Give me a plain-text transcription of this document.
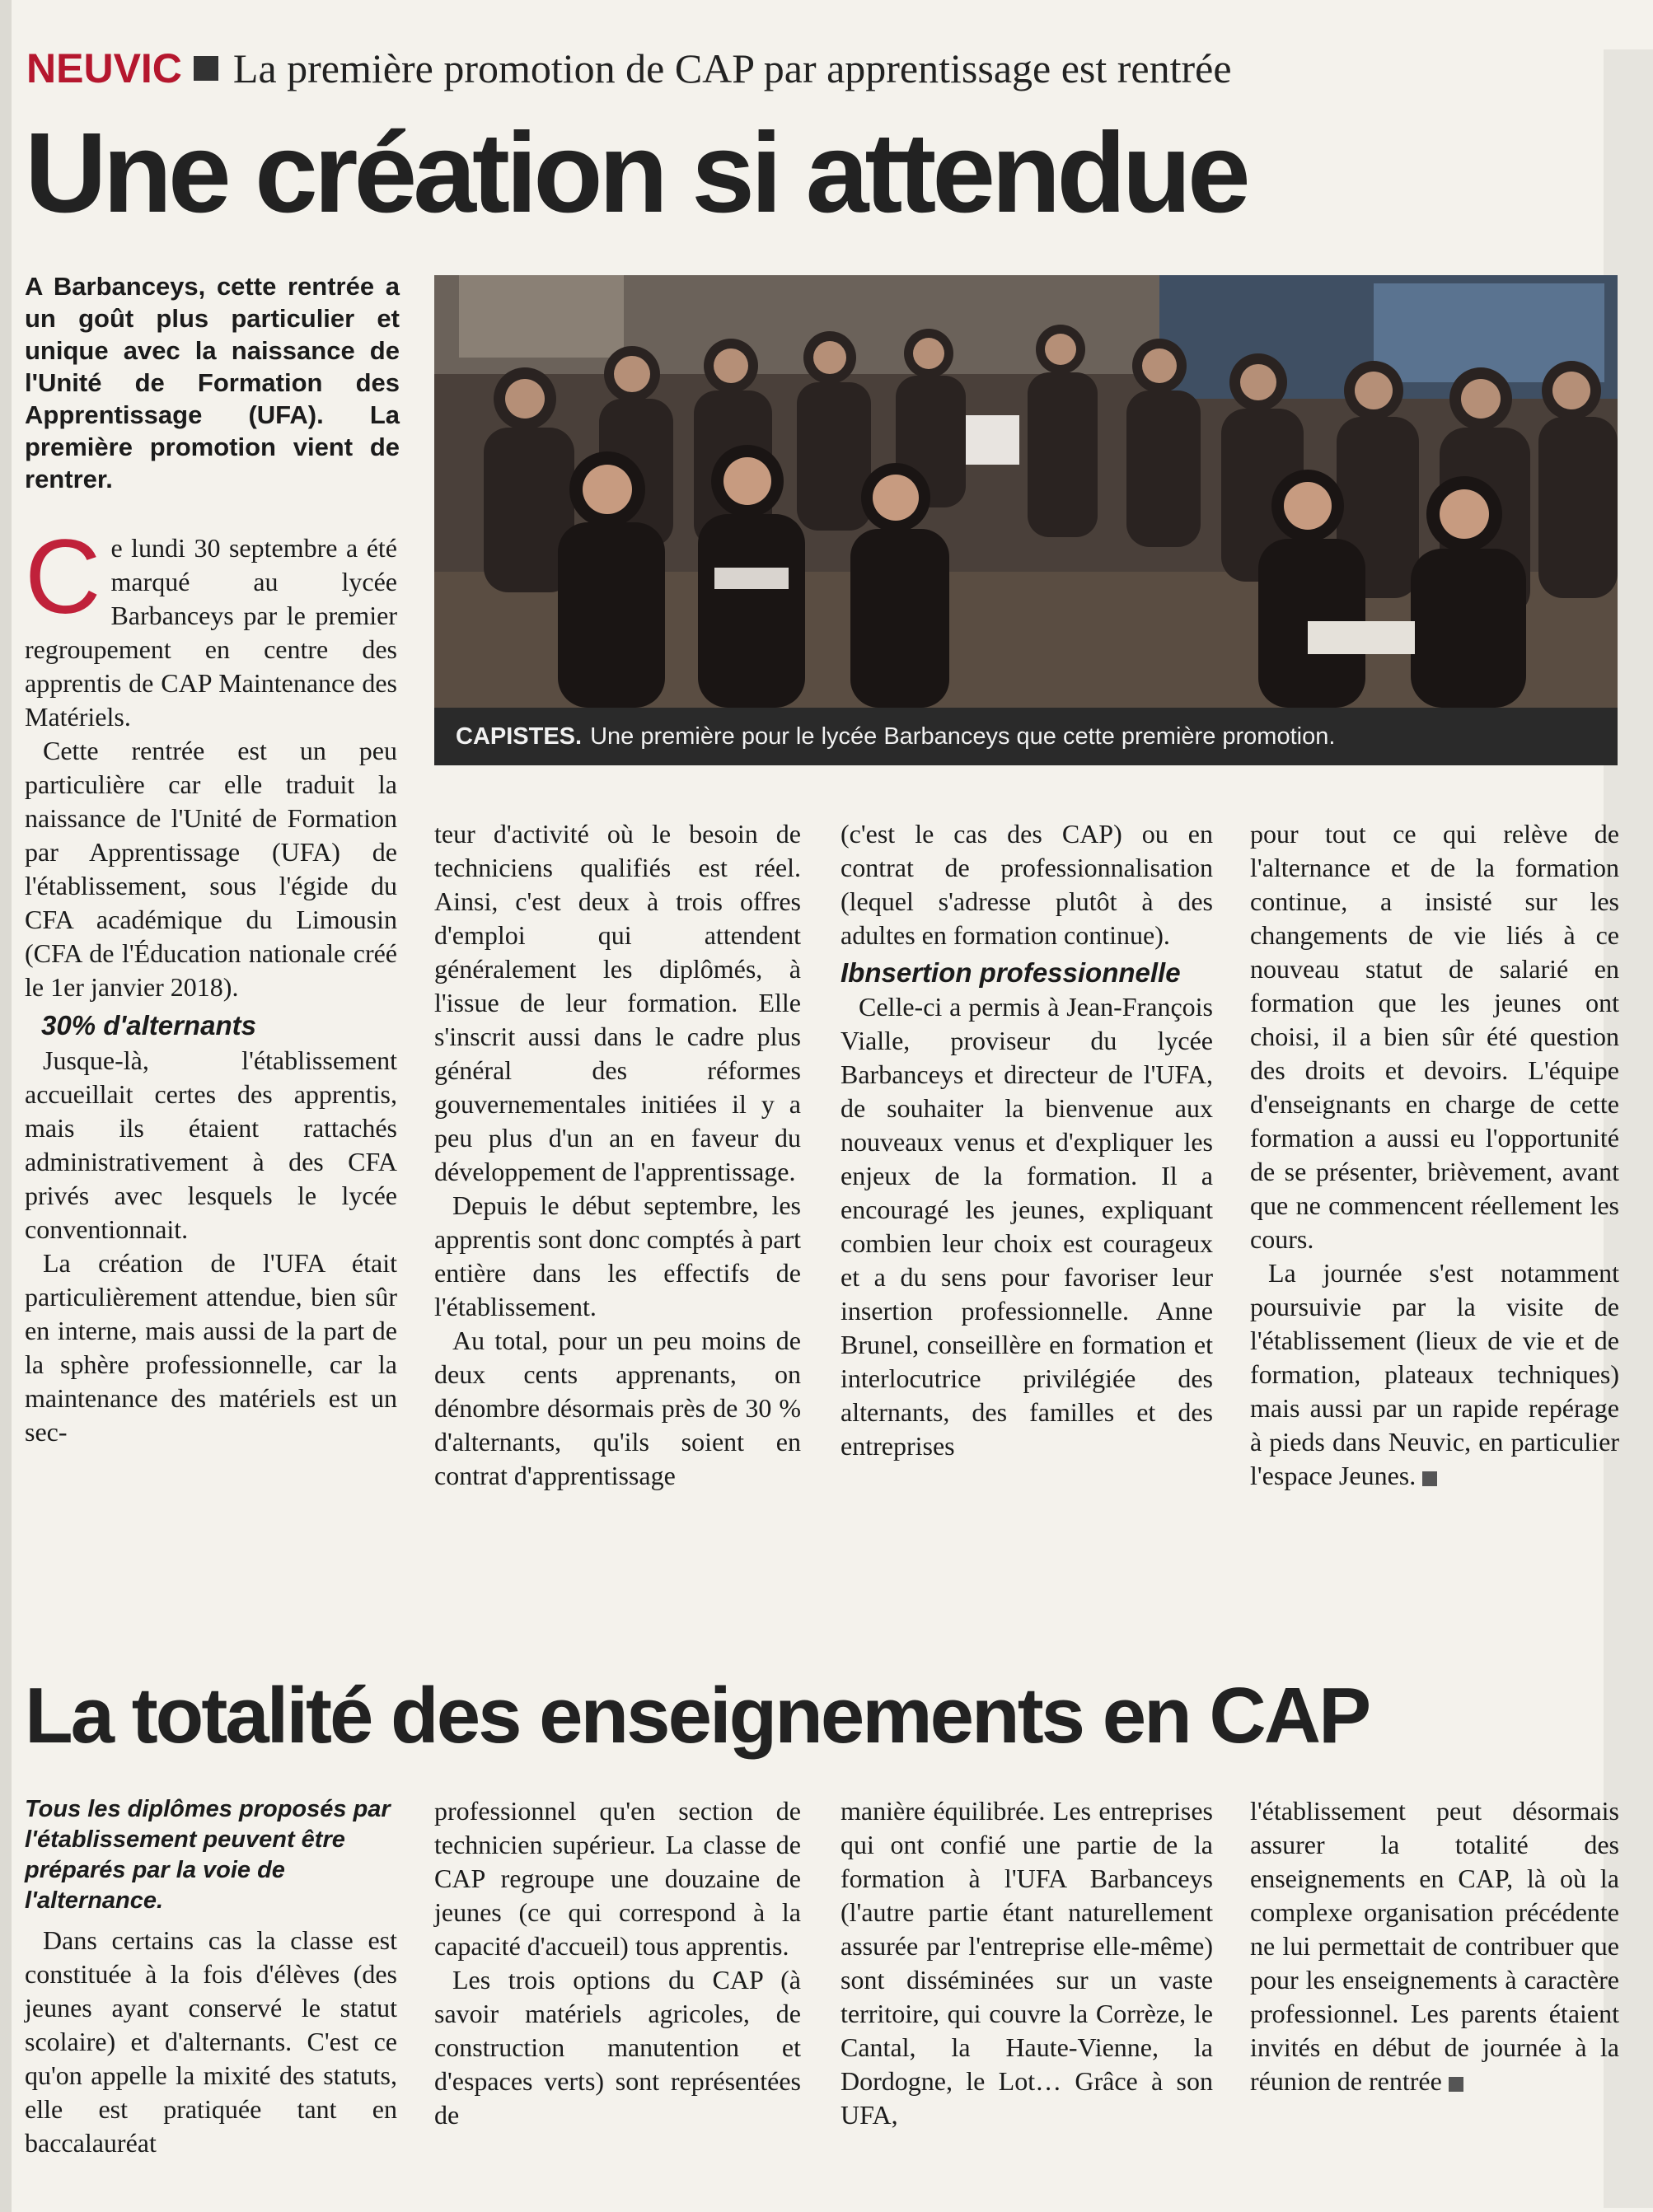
NEUVIC La première promotion de CAP par apprentissage est rentrée
Une création si attendue
A Barbanceys, cette rentrée a un goût plus particulier et unique avec la naissance de l'Unité de Formation des Apprentissage (UFA). La première promotion vient de rentrer.
CAPISTES. Une première pour le lycée Barbanceys que cette première promotion.

Ce lundi 30 septembre a été marqué au lycée Barbanceys par le premier regroupement en centre des apprentis de CAP Maintenance des Matériels.

Cette rentrée est un peu particulière car elle traduit la naissance de l'Unité de Formation par Apprentissage (UFA) de l'établissement, sous l'égide du CFA académique du Limousin (CFA de l'Éducation nationale créé le 1er janvier 2018).

30% d'alternants

Jusque-là, l'établissement accueillait certes des apprentis, mais ils étaient rattachés administrativement à des CFA privés avec lesquels le lycée conventionnait.

La création de l'UFA était particulièrement attendue, bien sûr en interne, mais aussi de la part de la sphère professionnelle, car la maintenance des matériels est un sec-

teur d'activité où le besoin de techniciens qualifiés est réel. Ainsi, c'est deux à trois offres d'emploi qui attendent généralement les diplômés, à l'issue de leur formation. Elle s'inscrit aussi dans le cadre plus général des réformes gouvernementales initiées il y a peu plus d'un an en faveur du développement de l'apprentissage.

Depuis le début septembre, les apprentis sont donc comptés à part entière dans les effectifs de l'établissement.

Au total, pour un peu moins de deux cents apprenants, on dénombre désormais près de 30 % d'alternants, qu'ils soient en contrat d'apprentissage

(c'est le cas des CAP) ou en contrat de professionnalisation (lequel s'adresse plutôt à des adultes en formation continue).

Ibnsertion professionnelle

Celle-ci a permis à Jean-François Vialle, proviseur du lycée Barbanceys et directeur de l'UFA, de souhaiter la bienvenue aux nouveaux venus et d'expliquer les enjeux de la formation. Il a encouragé les jeunes, expliquant combien leur choix est courageux et a du sens pour favoriser leur insertion professionnelle. Anne Brunel, conseillère en formation et interlocutrice privilégiée des alternants, des familles et des entreprises

pour tout ce qui relève de l'alternance et de la formation continue, a insisté sur les changements de vie liés à ce nouveau statut de salarié en formation que les jeunes ont choisi, il a bien sûr été question des droits et devoirs. L'équipe d'enseignants en charge de cette formation a aussi eu l'opportunité de se présenter, brièvement, avant que ne commencent réellement les cours.

La journée s'est notamment poursuivie par la visite de l'établissement (lieux de vie et de formation, plateaux techniques) mais aussi par un rapide repérage à pieds dans Neuvic, en particulier l'espace Jeunes.

La totalité des enseignements en CAP
Tous les diplômes proposés par l'établissement peuvent être préparés par la voie de l'alternance.

Dans certains cas la classe est constituée à la fois d'élèves (des jeunes ayant conservé le statut scolaire) et d'alternants. C'est ce qu'on appelle la mixité des statuts, elle est pratiquée tant en baccalauréat

professionnel qu'en section de technicien supérieur. La classe de CAP regroupe une douzaine de jeunes (ce qui correspond à la capacité d'accueil) tous apprentis.

Les trois options du CAP (à savoir matériels agricoles, de construction manutention et d'espaces verts) sont représentées de

manière équilibrée. Les entreprises qui ont confié une partie de la formation à l'UFA Barbanceys (l'autre partie étant naturellement assurée par l'entreprise elle-même) sont disséminées sur un vaste territoire, qui couvre la Corrèze, le Cantal, la Haute-Vienne, la Dordogne, le Lot… Grâce à son UFA,

l'établissement peut désormais assurer la totalité des enseignements en CAP, là où la complexe organisation précédente ne lui permettait de contribuer que pour les enseignements à caractère professionnel. Les parents étaient invités en début de journée à la réunion de rentrée
